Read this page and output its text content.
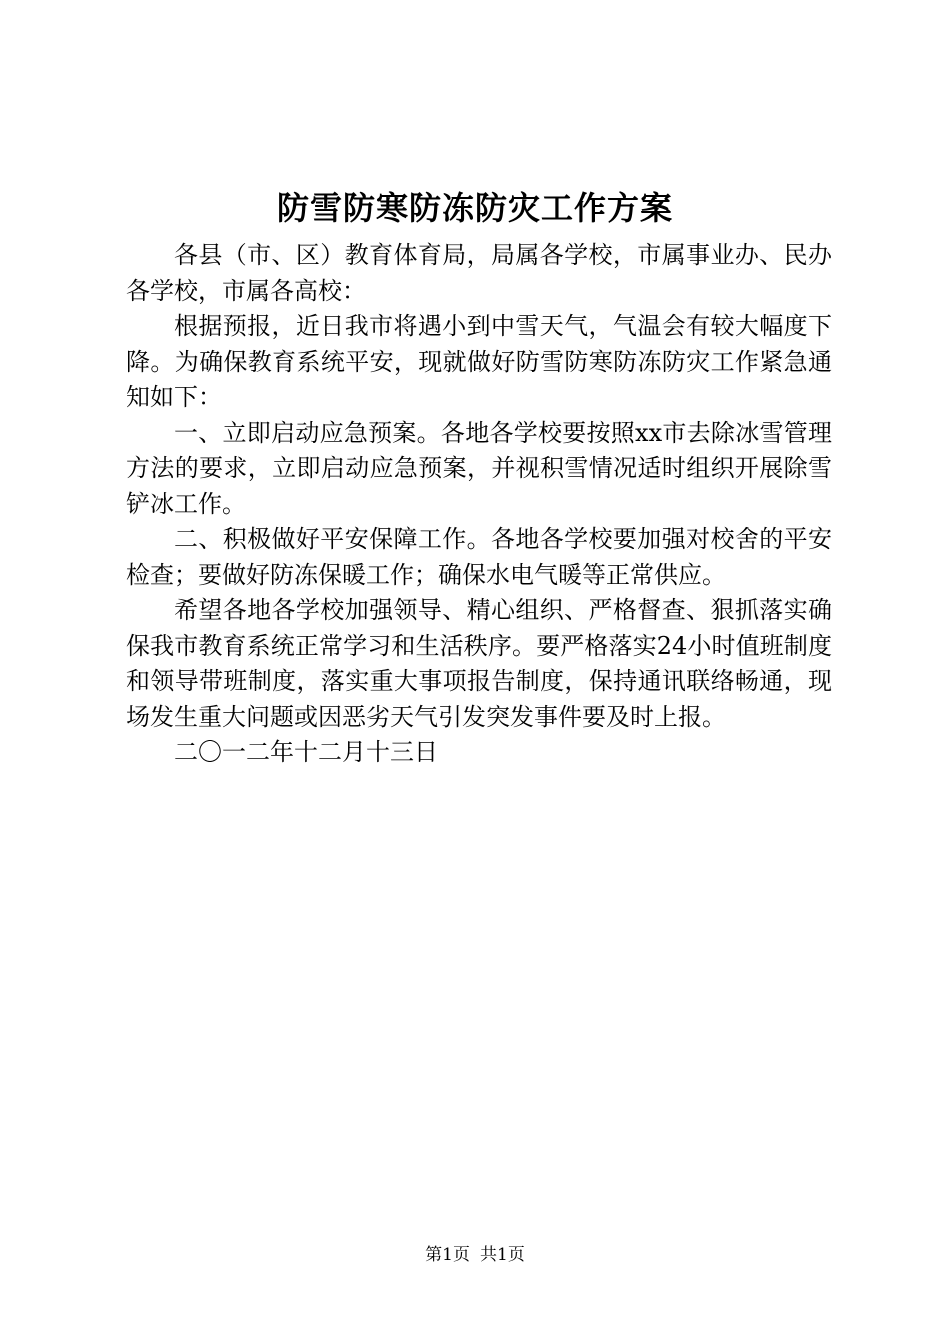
防雪防寒防冻防灾工作方案

各县（市、区）教育体育局，局属各学校，市属事业办、民办各学校，市属各高校：

根据预报，近日我市将遇小到中雪天气，气温会有较大幅度下降。为确保教育系统平安，现就做好防雪防寒防冻防灾工作紧急通知如下：

一、立即启动应急预案。各地各学校要按照xx市去除冰雪管理方法的要求，立即启动应急预案，并视积雪情况适时组织开展除雪铲冰工作。

二、积极做好平安保障工作。各地各学校要加强对校舍的平安检查；要做好防冻保暖工作；确保水电气暖等正常供应。

希望各地各学校加强领导、精心组织、严格督查、狠抓落实确保我市教育系统正常学习和生活秩序。要严格落实24小时值班制度和领导带班制度，落实重大事项报告制度，保持通讯联络畅通，现场发生重大问题或因恶劣天气引发突发事件要及时上报。

二〇一二年十二月十三日

第1页 共1页
